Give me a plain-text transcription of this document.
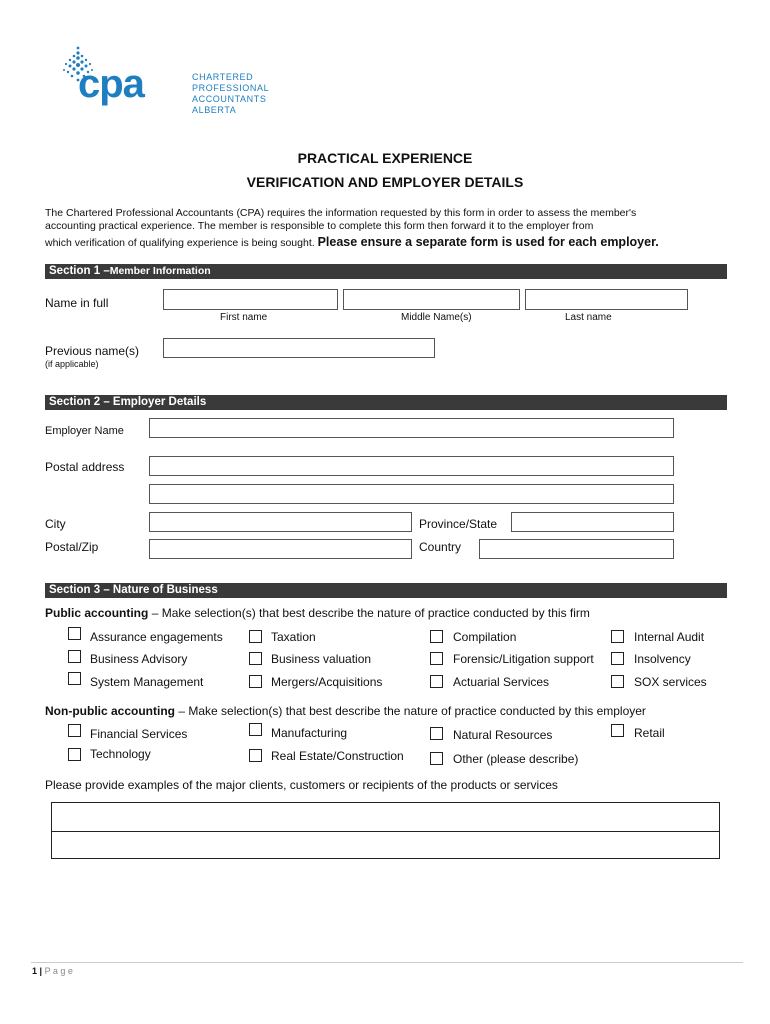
cpa	CHARTERED
PROFESSIONAL
ACCOUNTANTS
ALBERTA
PRACTICAL EXPERIENCE
VERIFICATION AND EMPLOYER DETAILS
The Chartered Professional Accountants (CPA) requires the information requested by this form in order to assess the member's
accounting practical experience. The member is responsible to complete this form then forward it to the employer from
which verification of qualifying experience is being sought. Please ensure a separate form is used for each employer.
Section 1 –Member Information
Name in full
First name	Middle Name(s)	Last name
Previous name(s)
(if applicable)
Section 2 – Employer Details
Employer Name
Postal address
City	Province/State
Postal/Zip	Country
Section 3 – Nature of Business
Public accounting – Make selection(s) that best describe the nature of practice conducted by this firm
Assurance engagements	Taxation	Compilation	Internal Audit
Business Advisory	Business valuation	Forensic/Litigation support	Insolvency
System Management	Mergers/Acquisitions	Actuarial Services	SOX services
Non-public accounting – Make selection(s) that best describe the nature of practice conducted by this employer
Financial Services	Manufacturing	Natural Resources	Retail
Technology	Real Estate/Construction	Other (please describe)
Please provide examples of the major clients, customers or recipients of the products or services
1 | P a g e
